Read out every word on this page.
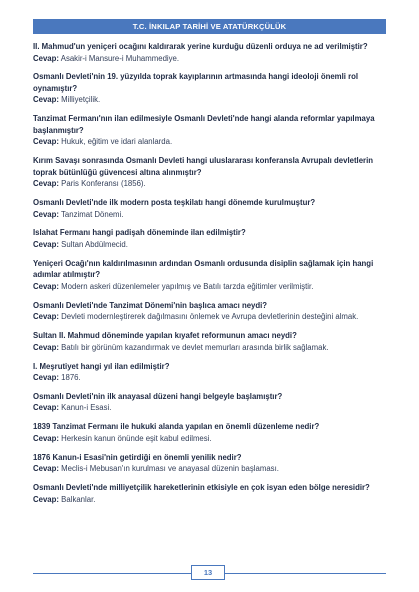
T.C. İNKILAP TARİHİ VE ATATÜRKÇÜLÜK
II. Mahmud'un yeniçeri ocağını kaldırarak yerine kurduğu düzenli orduya ne ad verilmiştir?
Cevap: Asakir-i Mansure-i Muhammediye.
Osmanlı Devleti'nin 19. yüzyılda toprak kayıplarının artmasında hangi ideoloji önemli rol oynamıştır?
Cevap: Milliyetçilik.
Tanzimat Fermanı'nın ilan edilmesiyle Osmanlı Devleti'nde hangi alanda reformlar yapılmaya başlanmıştır?
Cevap: Hukuk, eğitim ve idari alanlarda.
Kırım Savaşı sonrasında Osmanlı Devleti hangi uluslararası konferansla Avrupalı devletlerin toprak bütünlüğü güvencesi altına alınmıştır?
Cevap: Paris Konferansı (1856).
Osmanlı Devleti'nde ilk modern posta teşkilatı hangi dönemde kurulmuştur?
Cevap: Tanzimat Dönemi.
Islahat Fermanı hangi padişah döneminde ilan edilmiştir?
Cevap: Sultan Abdülmecid.
Yeniçeri Ocağı'nın kaldırılmasının ardından Osmanlı ordusunda disiplin sağlamak için hangi adımlar atılmıştır?
Cevap: Modern askeri düzenlemeler yapılmış ve Batılı tarzda eğitimler verilmiştir.
Osmanlı Devleti'nde Tanzimat Dönemi'nin başlıca amacı neydi?
Cevap: Devleti modernleştirerek dağılmasını önlemek ve Avrupa devletlerinin desteğini almak.
Sultan II. Mahmud döneminde yapılan kıyafet reformunun amacı neydi?
Cevap: Batılı bir görünüm kazandırmak ve devlet memurları arasında birlik sağlamak.
I. Meşrutiyet hangi yıl ilan edilmiştir?
Cevap: 1876.
Osmanlı Devleti'nin ilk anayasal düzeni hangi belgeyle başlamıştır?
Cevap: Kanun-i Esasi.
1839 Tanzimat Fermanı ile hukuki alanda yapılan en önemli düzenleme nedir?
Cevap: Herkesin kanun önünde eşit kabul edilmesi.
1876 Kanun-i Esasi'nin getirdiği en önemli yenilik nedir?
Cevap: Meclis-i Mebusan'ın kurulması ve anayasal düzenin başlaması.
Osmanlı Devleti'nde milliyetçilik hareketlerinin etkisiyle en çok isyan eden bölge neresidir?
Cevap: Balkanlar.
13
